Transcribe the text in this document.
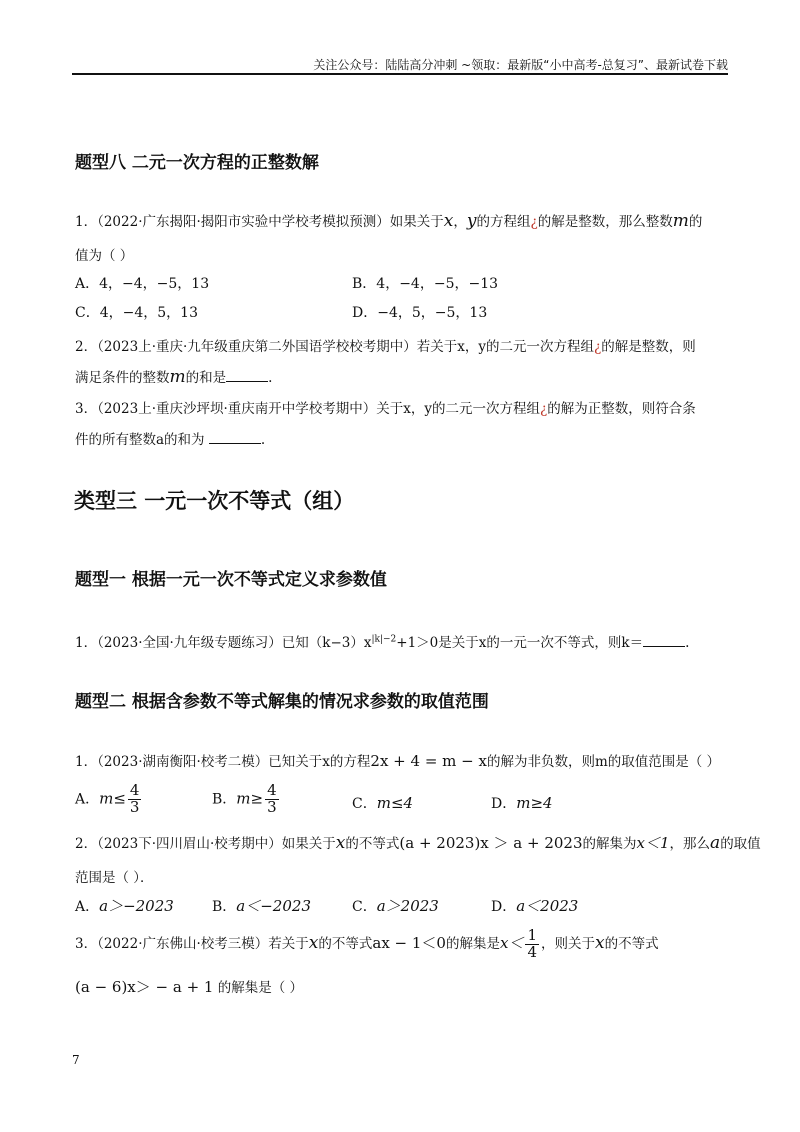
关注公众号：陆陆高分冲刺 ~领取：最新版“小中高考-总复习”、最新试卷下载
题型八 二元一次方程的正整数解
1．（2022·广东揭阳·揭阳市实验中学校考模拟预测）如果关于x，y的方程组¿的解是整数，那么整数m的
值为（ ）
A．4，−4，−5，13	B．4，−4，−5，−13
C．4，−4，5，13	D．−4，5，−5，13
2．（2023上·重庆·九年级重庆第二外国语学校校考期中）若关于x，y的二元一次方程组¿的解是整数，则
满足条件的整数m的和是	.
3．（2023上·重庆沙坪坝·重庆南开中学校考期中）关于x，y的二元一次方程组¿的解为正整数，则符合条
件的所有整数a的和为	.
类型三 一元一次不等式（组）
题型一 根据一元一次不等式定义求参数值
1．（2023·全国·九年级专题练习）已知$(k-3)x^{|k|-2}+1>0$是关于x的一元一次不等式，则k＝	.
题型二 根据含参数不等式解集的情况求参数的取值范围
1．（2023·湖南衡阳·校考二模）已知关于x的方程2x + 4 = m − x的解为非负数，则m的取值范围是（ ）
A．$m\le \frac{4}{3}$	B．$m\ge \frac{4}{3}$	C．m≤4	D．m≥4
2．（2023下·四川眉山·校考期中）如果关于x的不等式(a + 2023)x ＞ a + 2023的解集为x＜1，那么a的取值
范围是（ ）．
A．a＞−2023	B．a＜−2023	C．a＞2023	D．a＜2023
3．（2022·广东佛山·校考三模）若关于x的不等式ax − 1＜0的解集是$x< \frac{1}{4}$ ，则关于x的不等式
(a − 6)x＞ − a + 1 的解集是（ ）
7
